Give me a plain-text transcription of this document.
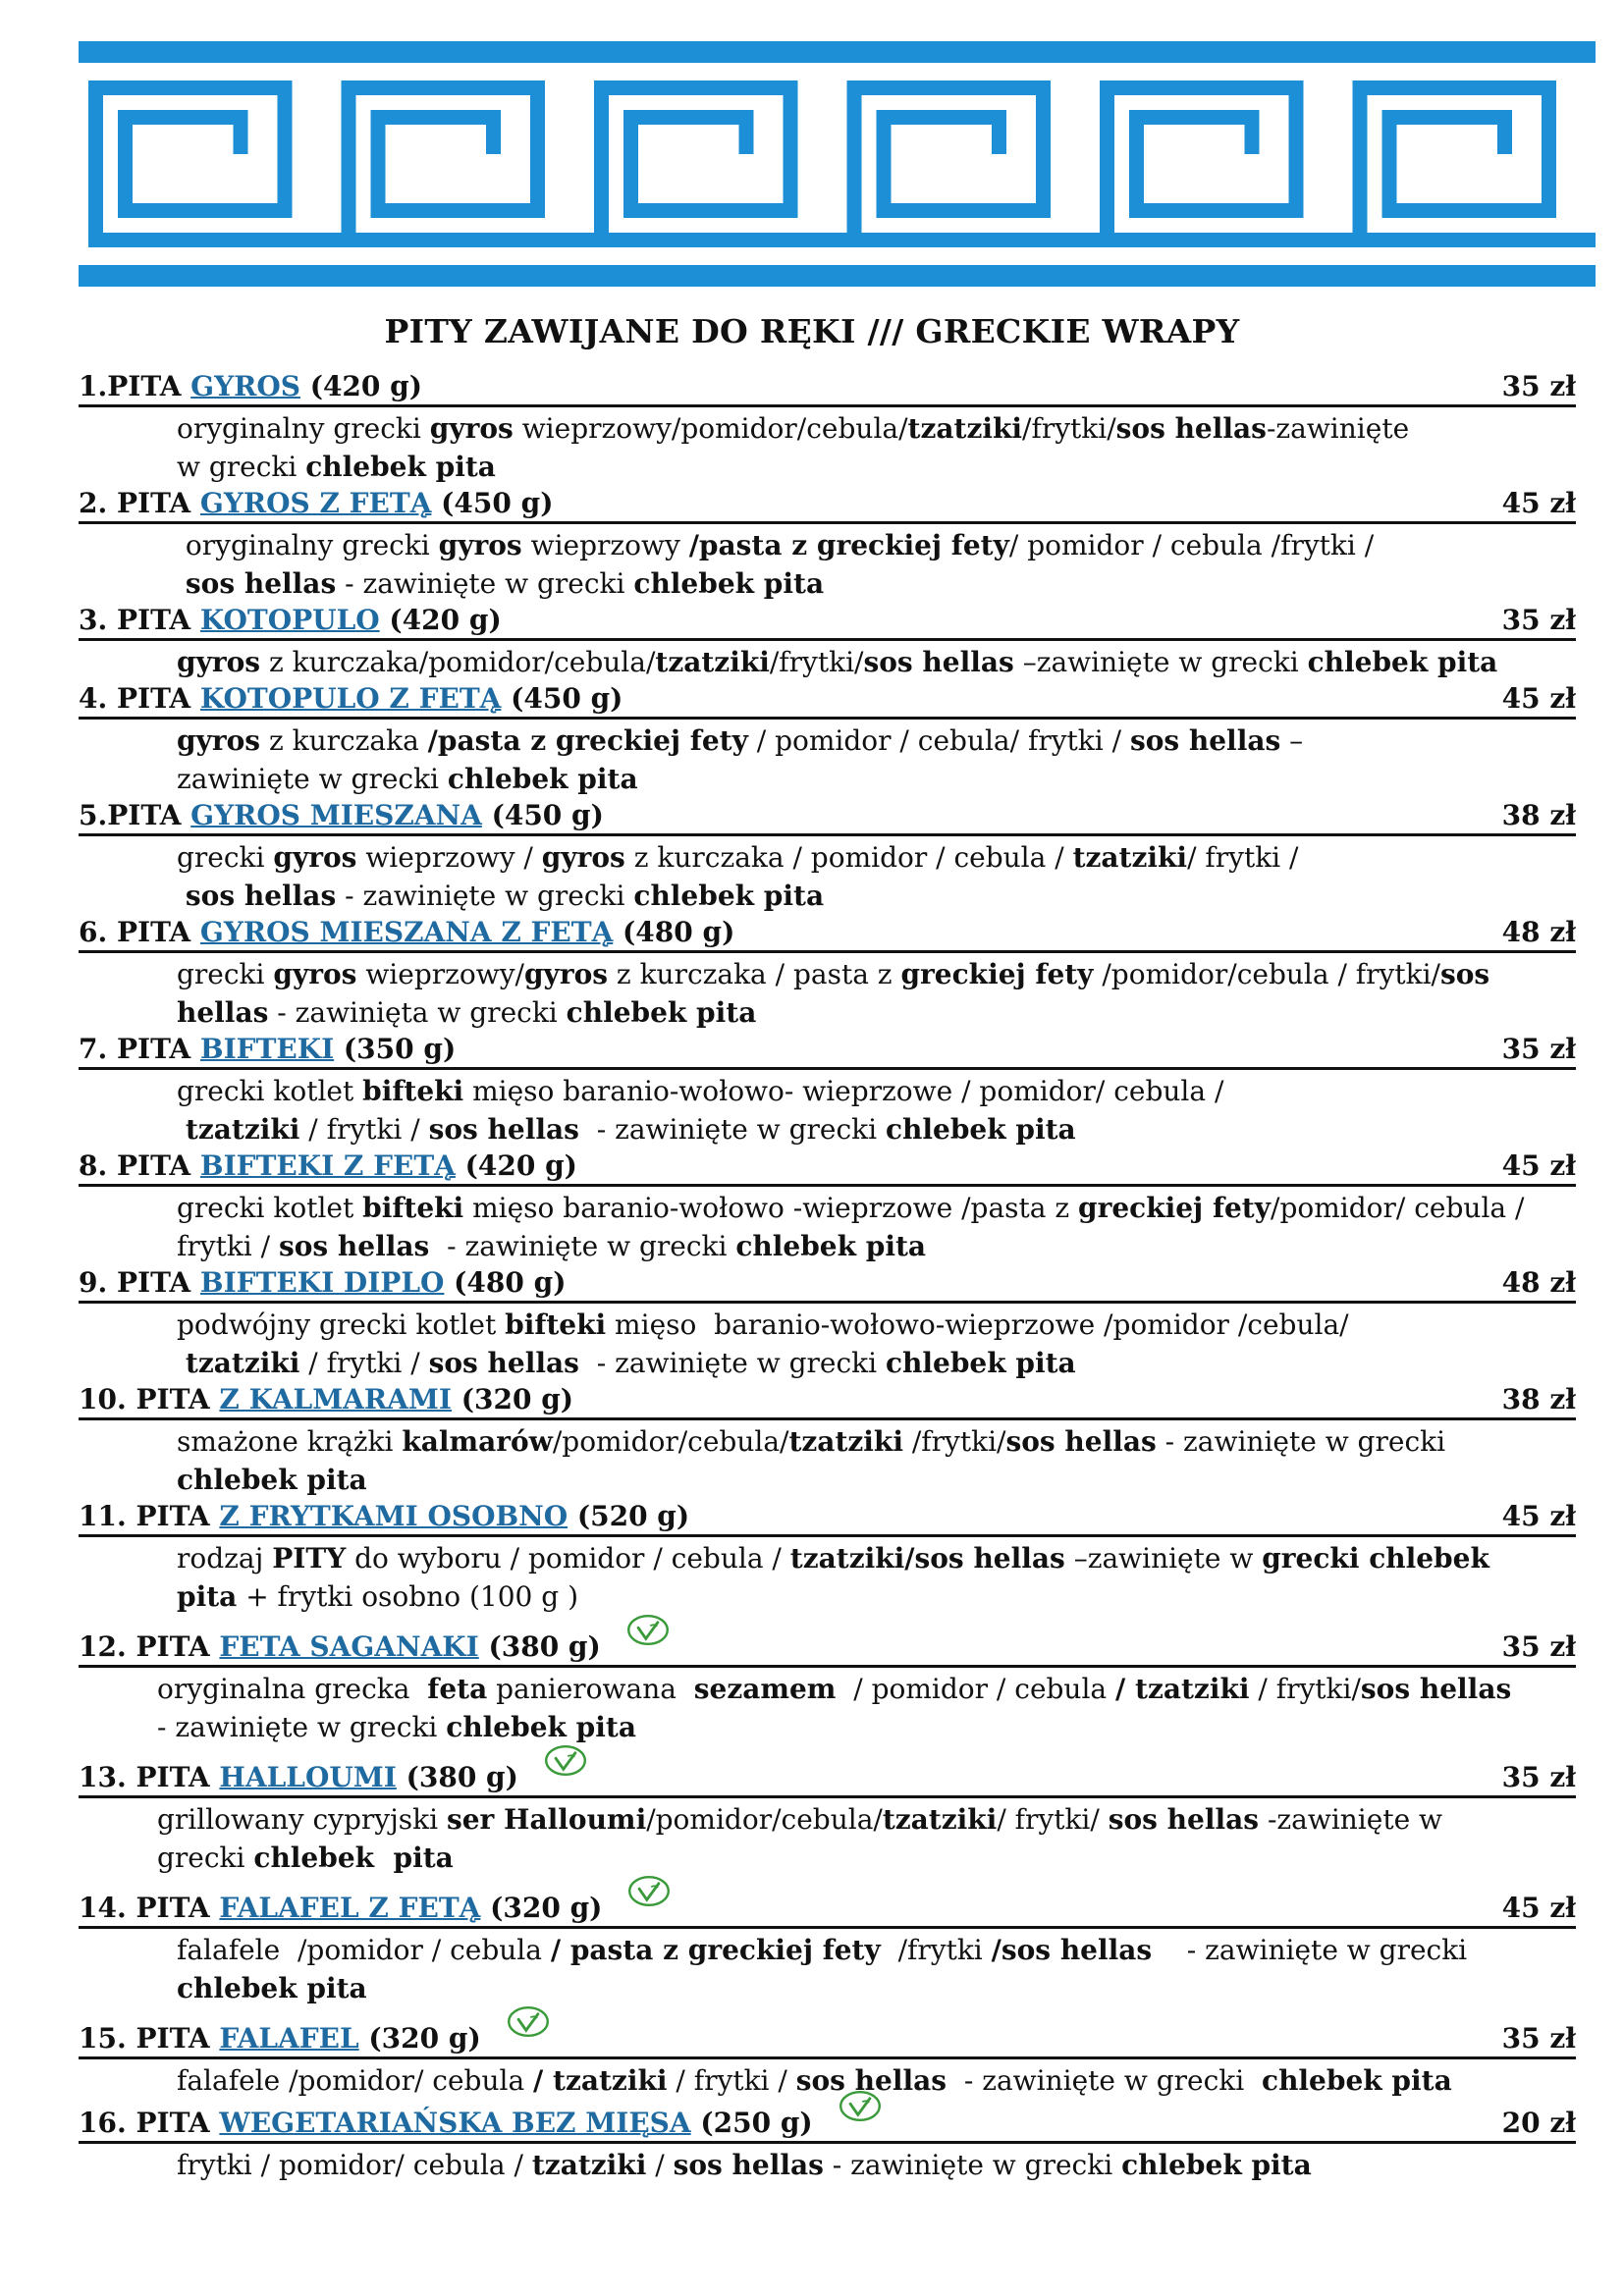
PITY ZAWIJANE DO RĘKI /// GRECKIE WRAPY
1.PITA GYROS (420 g)	35 zł
oryginalny grecki gyros wieprzowy/pomidor/cebula/tzatziki/frytki/sos hellas-zawinięte
w grecki chlebek pita
2. PITA GYROS Z FETĄ (450 g)	45 zł
oryginalny grecki gyros wieprzowy /pasta z greckiej fety/ pomidor / cebula /frytki /
sos hellas - zawinięte w grecki chlebek pita
3. PITA KOTOPULO (420 g)	35 zł
gyros z kurczaka/pomidor/cebula/tzatziki/frytki/sos hellas –zawinięte w grecki chlebek pita
4. PITA KOTOPULO Z FETĄ (450 g)	45 zł
gyros z kurczaka /pasta z greckiej fety / pomidor / cebula/ frytki / sos hellas –
zawinięte w grecki chlebek pita
5.PITA GYROS MIESZANA (450 g)	38 zł
grecki gyros wieprzowy / gyros z kurczaka / pomidor / cebula / tzatziki/ frytki /
sos hellas - zawinięte w grecki chlebek pita
6. PITA GYROS MIESZANA Z FETĄ (480 g)	48 zł
grecki gyros wieprzowy/gyros z kurczaka / pasta z greckiej fety /pomidor/cebula / frytki/sos
hellas - zawinięta w grecki chlebek pita
7. PITA BIFTEKI (350 g)	35 zł
grecki kotlet bifteki mięso baranio-wołowo- wieprzowe / pomidor/ cebula /
tzatziki / frytki / sos hellas  - zawinięte w grecki chlebek pita
8. PITA BIFTEKI Z FETĄ (420 g)	45 zł
grecki kotlet bifteki mięso baranio-wołowo -wieprzowe /pasta z greckiej fety/pomidor/ cebula /
frytki / sos hellas  - zawinięte w grecki chlebek pita
9. PITA BIFTEKI DIPLO (480 g)	48 zł
podwójny grecki kotlet bifteki mięso  baranio-wołowo-wieprzowe /pomidor /cebula/
tzatziki / frytki / sos hellas  - zawinięte w grecki chlebek pita
10. PITA Z KALMARAMI (320 g)	38 zł
smażone krążki kalmarów/pomidor/cebula/tzatziki /frytki/sos hellas - zawinięte w grecki
chlebek pita
11. PITA Z FRYTKAMI OSOBNO (520 g)	45 zł
rodzaj PITY do wyboru / pomidor / cebula / tzatziki/sos hellas –zawinięte w grecki chlebek
pita + frytki osobno (100 g )
12. PITA FETA SAGANAKI (380 g)	35 zł
oryginalna grecka  feta panierowana  sezamem  / pomidor / cebula / tzatziki / frytki/sos hellas
- zawinięte w grecki chlebek pita
13. PITA HALLOUMI (380 g)	35 zł
grillowany cypryjski ser Halloumi/pomidor/cebula/tzatziki/ frytki/ sos hellas -zawinięte w
grecki chlebek  pita
14. PITA FALAFEL Z FETĄ (320 g)	45 zł
falafele  /pomidor / cebula / pasta z greckiej fety  /frytki /sos hellas    - zawinięte w grecki
chlebek pita
15. PITA FALAFEL (320 g)	35 zł
falafele /pomidor/ cebula / tzatziki / frytki / sos hellas  - zawinięte w grecki  chlebek pita
16. PITA WEGETARIAŃSKA BEZ MIĘSA (250 g)	20 zł
frytki / pomidor/ cebula / tzatziki / sos hellas - zawinięte w grecki chlebek pita
